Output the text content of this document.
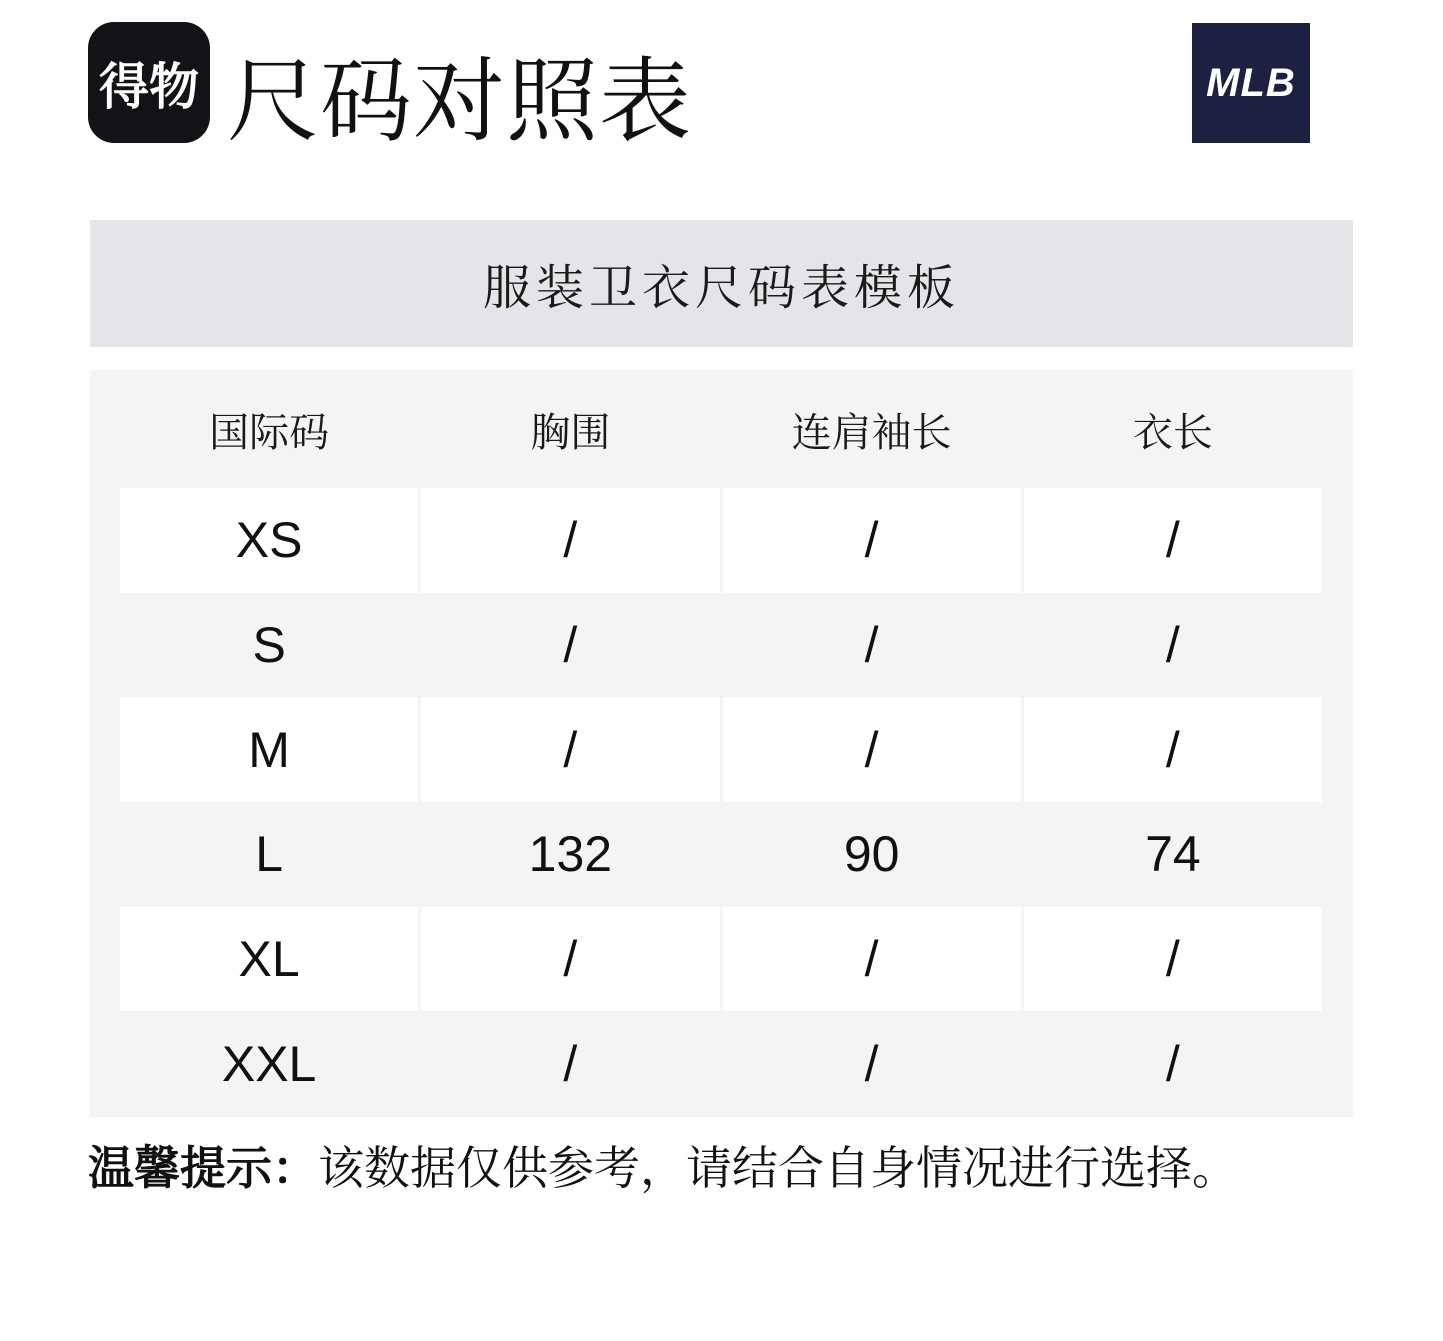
得物 尺码对照表	MLB
服装卫衣尺码表模板
国际码	胸围	连肩袖长	衣长
XS	/	/	/
S	/	/	/
M	/	/	/
L	132	90	74
XL	/	/	/
XXL	/	/	/

温馨提示：该数据仅供参考，请结合自身情况进行选择。
